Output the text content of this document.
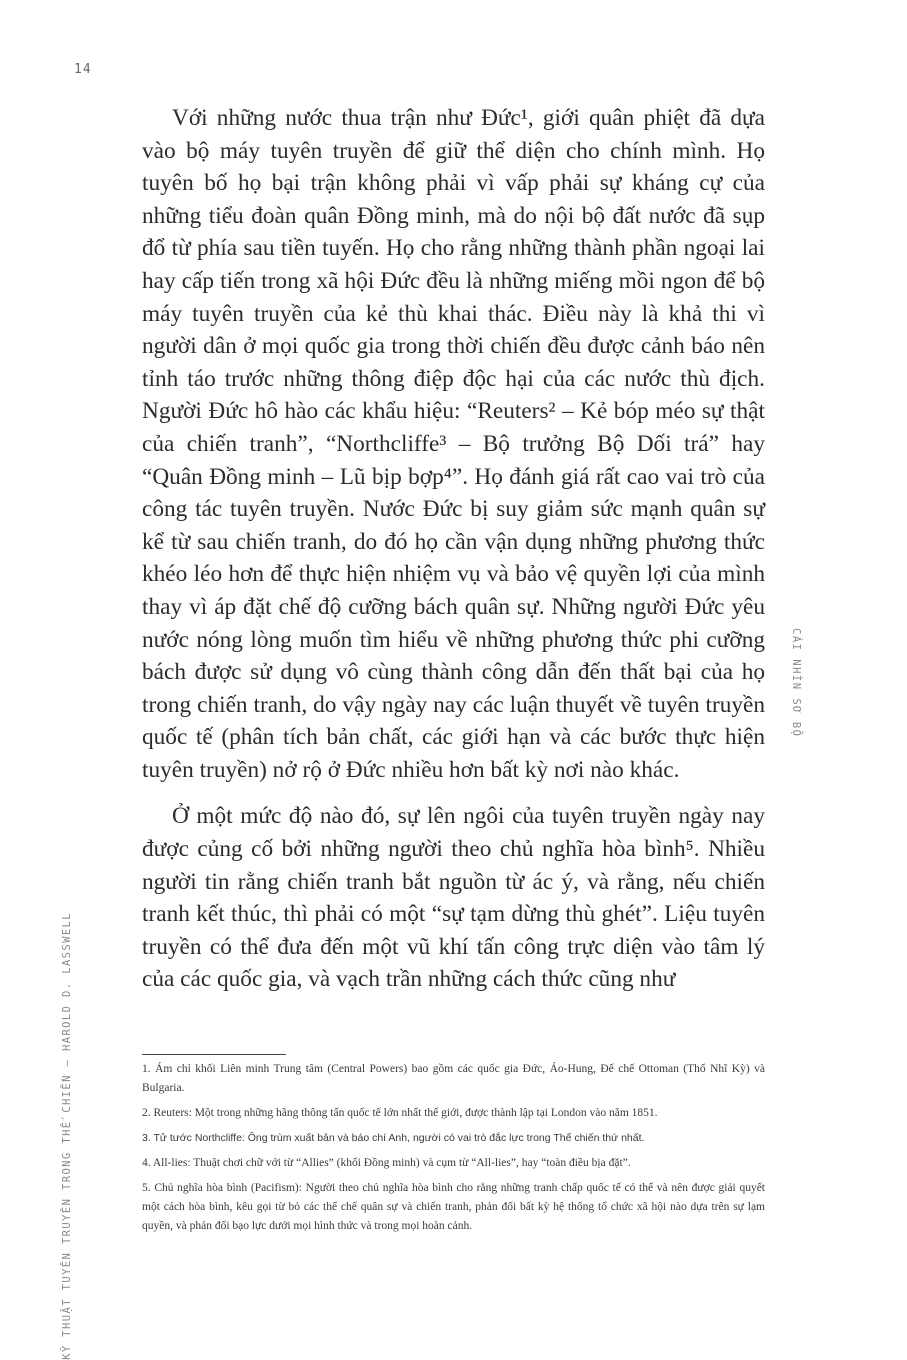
14

Với những nước thua trận như Đức¹, giới quân phiệt đã dựa vào bộ máy tuyên truyền để giữ thể diện cho chính mình. Họ tuyên bố họ bại trận không phải vì vấp phải sự kháng cự của những tiểu đoàn quân Đồng minh, mà do nội bộ đất nước đã sụp đổ từ phía sau tiền tuyến. Họ cho rằng những thành phần ngoại lai hay cấp tiến trong xã hội Đức đều là những miếng mồi ngon để bộ máy tuyên truyền của kẻ thù khai thác. Điều này là khả thi vì người dân ở mọi quốc gia trong thời chiến đều được cảnh báo nên tỉnh táo trước những thông điệp độc hại của các nước thù địch. Người Đức hô hào các khẩu hiệu: “Reuters² – Kẻ bóp méo sự thật của chiến tranh”, “Northcliffe³ – Bộ trưởng Bộ Dối trá” hay “Quân Đồng minh – Lũ bịp bợp⁴”. Họ đánh giá rất cao vai trò của công tác tuyên truyền. Nước Đức bị suy giảm sức mạnh quân sự kể từ sau chiến tranh, do đó họ cần vận dụng những phương thức khéo léo hơn để thực hiện nhiệm vụ và bảo vệ quyền lợi của mình thay vì áp đặt chế độ cưỡng bách quân sự. Những người Đức yêu nước nóng lòng muốn tìm hiểu về những phương thức phi cưỡng bách được sử dụng vô cùng thành công dẫn đến thất bại của họ trong chiến tranh, do vậy ngày nay các luận thuyết về tuyên truyền quốc tế (phân tích bản chất, các giới hạn và các bước thực hiện tuyên truyền) nở rộ ở Đức nhiều hơn bất kỳ nơi nào khác.

Ở một mức độ nào đó, sự lên ngôi của tuyên truyền ngày nay được củng cố bởi những người theo chủ nghĩa hòa bình⁵. Nhiều người tin rằng chiến tranh bắt nguồn từ ác ý, và rằng, nếu chiến tranh kết thúc, thì phải có một “sự tạm dừng thù ghét”. Liệu tuyên truyền có thể đưa đến một vũ khí tấn công trực diện vào tâm lý của các quốc gia, và vạch trần những cách thức cũng như

1. Ám chỉ khối Liên minh Trung tâm (Central Powers) bao gồm các quốc gia Đức, Áo-Hung, Đế chế Ottoman (Thổ Nhĩ Kỳ) và Bulgaria.

2. Reuters: Một trong những hãng thông tấn quốc tế lớn nhất thế giới, được thành lập tại London vào năm 1851.

3. Tử tước Northcliffe: Ông trùm xuất bản và báo chí Anh, người có vai trò đắc lực trong Thế chiến thứ nhất.

4. All-lies: Thuật chơi chữ với từ “Allies” (khối Đồng minh) và cụm từ “All-lies”, hay “toàn điều bịa đặt”.

5. Chủ nghĩa hòa bình (Pacifism): Người theo chủ nghĩa hòa bình cho rằng những tranh chấp quốc tế có thể và nên được giải quyết một cách hòa bình, kêu gọi từ bỏ các thể chế quân sự và chiến tranh, phản đối bất kỳ hệ thống tổ chức xã hội nào dựa trên sự lạm quyền, và phản đối bạo lực dưới mọi hình thức và trong mọi hoàn cảnh.

CÁI NHÌN SƠ BỘ
KỸ THUẬT TUYÊN TRUYỀN TRONG THẾ CHIẾN – HAROLD D. LASSWELL
